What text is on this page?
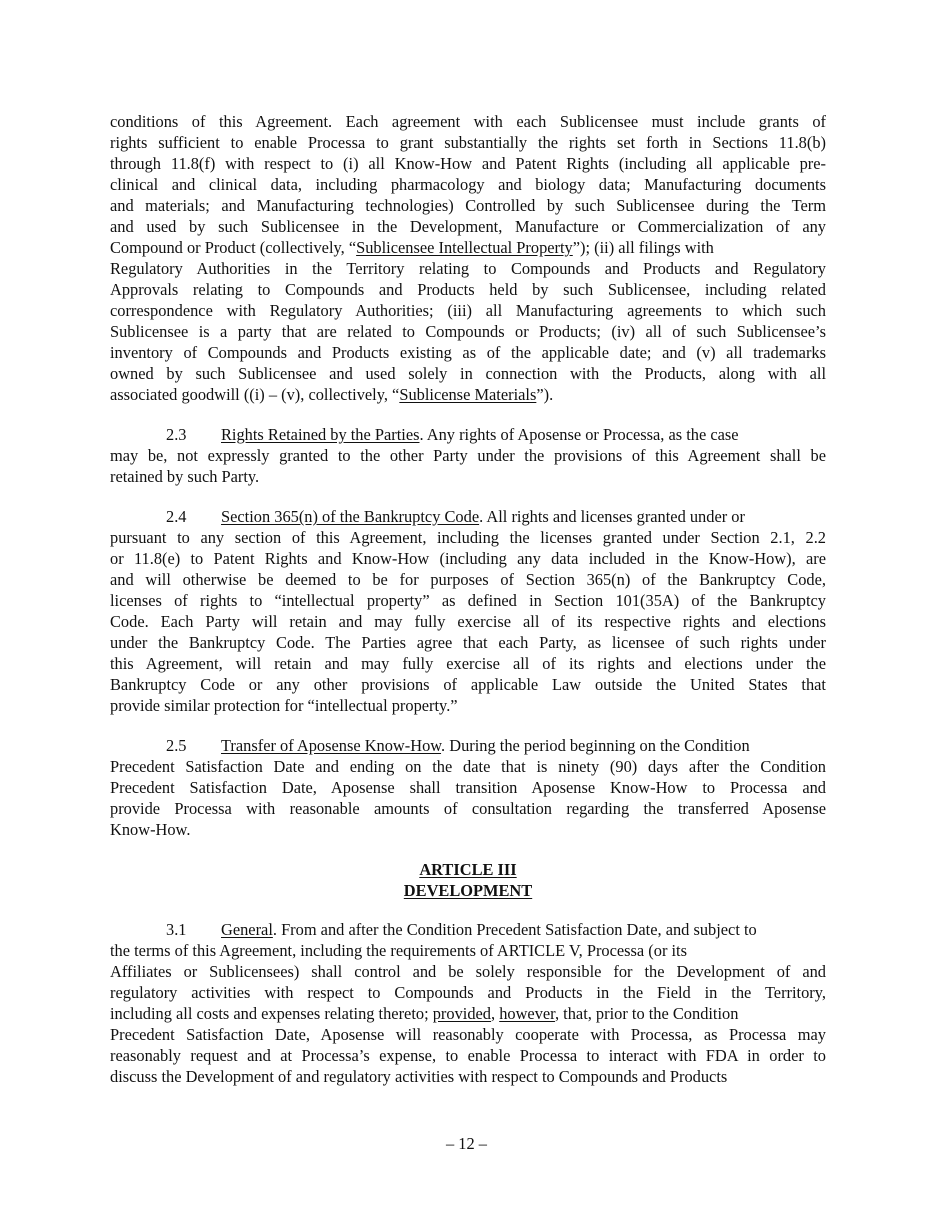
conditions of this Agreement. Each agreement with each Sublicensee must include grants of
rights sufficient to enable Processa to grant substantially the rights set forth in Sections 11.8(b)
through 11.8(f) with respect to (i) all Know-How and Patent Rights (including all applicable pre-
clinical and clinical data, including pharmacology and biology data; Manufacturing documents
and materials; and Manufacturing technologies) Controlled by such Sublicensee during the Term
and used by such Sublicensee in the Development, Manufacture or Commercialization of any
Compound or Product (collectively, “Sublicensee Intellectual Property”); (ii) all filings with
Regulatory Authorities in the Territory relating to Compounds and Products and Regulatory
Approvals relating to Compounds and Products held by such Sublicensee, including related
correspondence with Regulatory Authorities; (iii) all Manufacturing agreements to which such
Sublicensee is a party that are related to Compounds or Products; (iv) all of such Sublicensee’s
inventory of Compounds and Products existing as of the applicable date; and (v) all trademarks
owned by such Sublicensee and used solely in connection with the Products, along with all
associated goodwill ((i) – (v), collectively, “Sublicense Materials”).
2.3 Rights Retained by the Parties. Any rights of Aposense or Processa, as the case
may be, not expressly granted to the other Party under the provisions of this Agreement shall be
retained by such Party.
2.4 Section 365(n) of the Bankruptcy Code. All rights and licenses granted under or
pursuant to any section of this Agreement, including the licenses granted under Section 2.1, 2.2
or 11.8(e) to Patent Rights and Know-How (including any data included in the Know-How), are
and will otherwise be deemed to be for purposes of Section 365(n) of the Bankruptcy Code,
licenses of rights to “intellectual property” as defined in Section 101(35A) of the Bankruptcy
Code. Each Party will retain and may fully exercise all of its respective rights and elections
under the Bankruptcy Code. The Parties agree that each Party, as licensee of such rights under
this Agreement, will retain and may fully exercise all of its rights and elections under the
Bankruptcy Code or any other provisions of applicable Law outside the United States that
provide similar protection for “intellectual property.”
2.5 Transfer of Aposense Know-How. During the period beginning on the Condition
Precedent Satisfaction Date and ending on the date that is ninety (90) days after the Condition
Precedent Satisfaction Date, Aposense shall transition Aposense Know-How to Processa and
provide Processa with reasonable amounts of consultation regarding the transferred Aposense
Know-How.
ARTICLE III
DEVELOPMENT
3.1 General. From and after the Condition Precedent Satisfaction Date, and subject to
the terms of this Agreement, including the requirements of ARTICLE V, Processa (or its
Affiliates or Sublicensees) shall control and be solely responsible for the Development of and
regulatory activities with respect to Compounds and Products in the Field in the Territory,
including all costs and expenses relating thereto; provided, however, that, prior to the Condition
Precedent Satisfaction Date, Aposense will reasonably cooperate with Processa, as Processa may
reasonably request and at Processa’s expense, to enable Processa to interact with FDA in order to
discuss the Development of and regulatory activities with respect to Compounds and Products
– 12 –
